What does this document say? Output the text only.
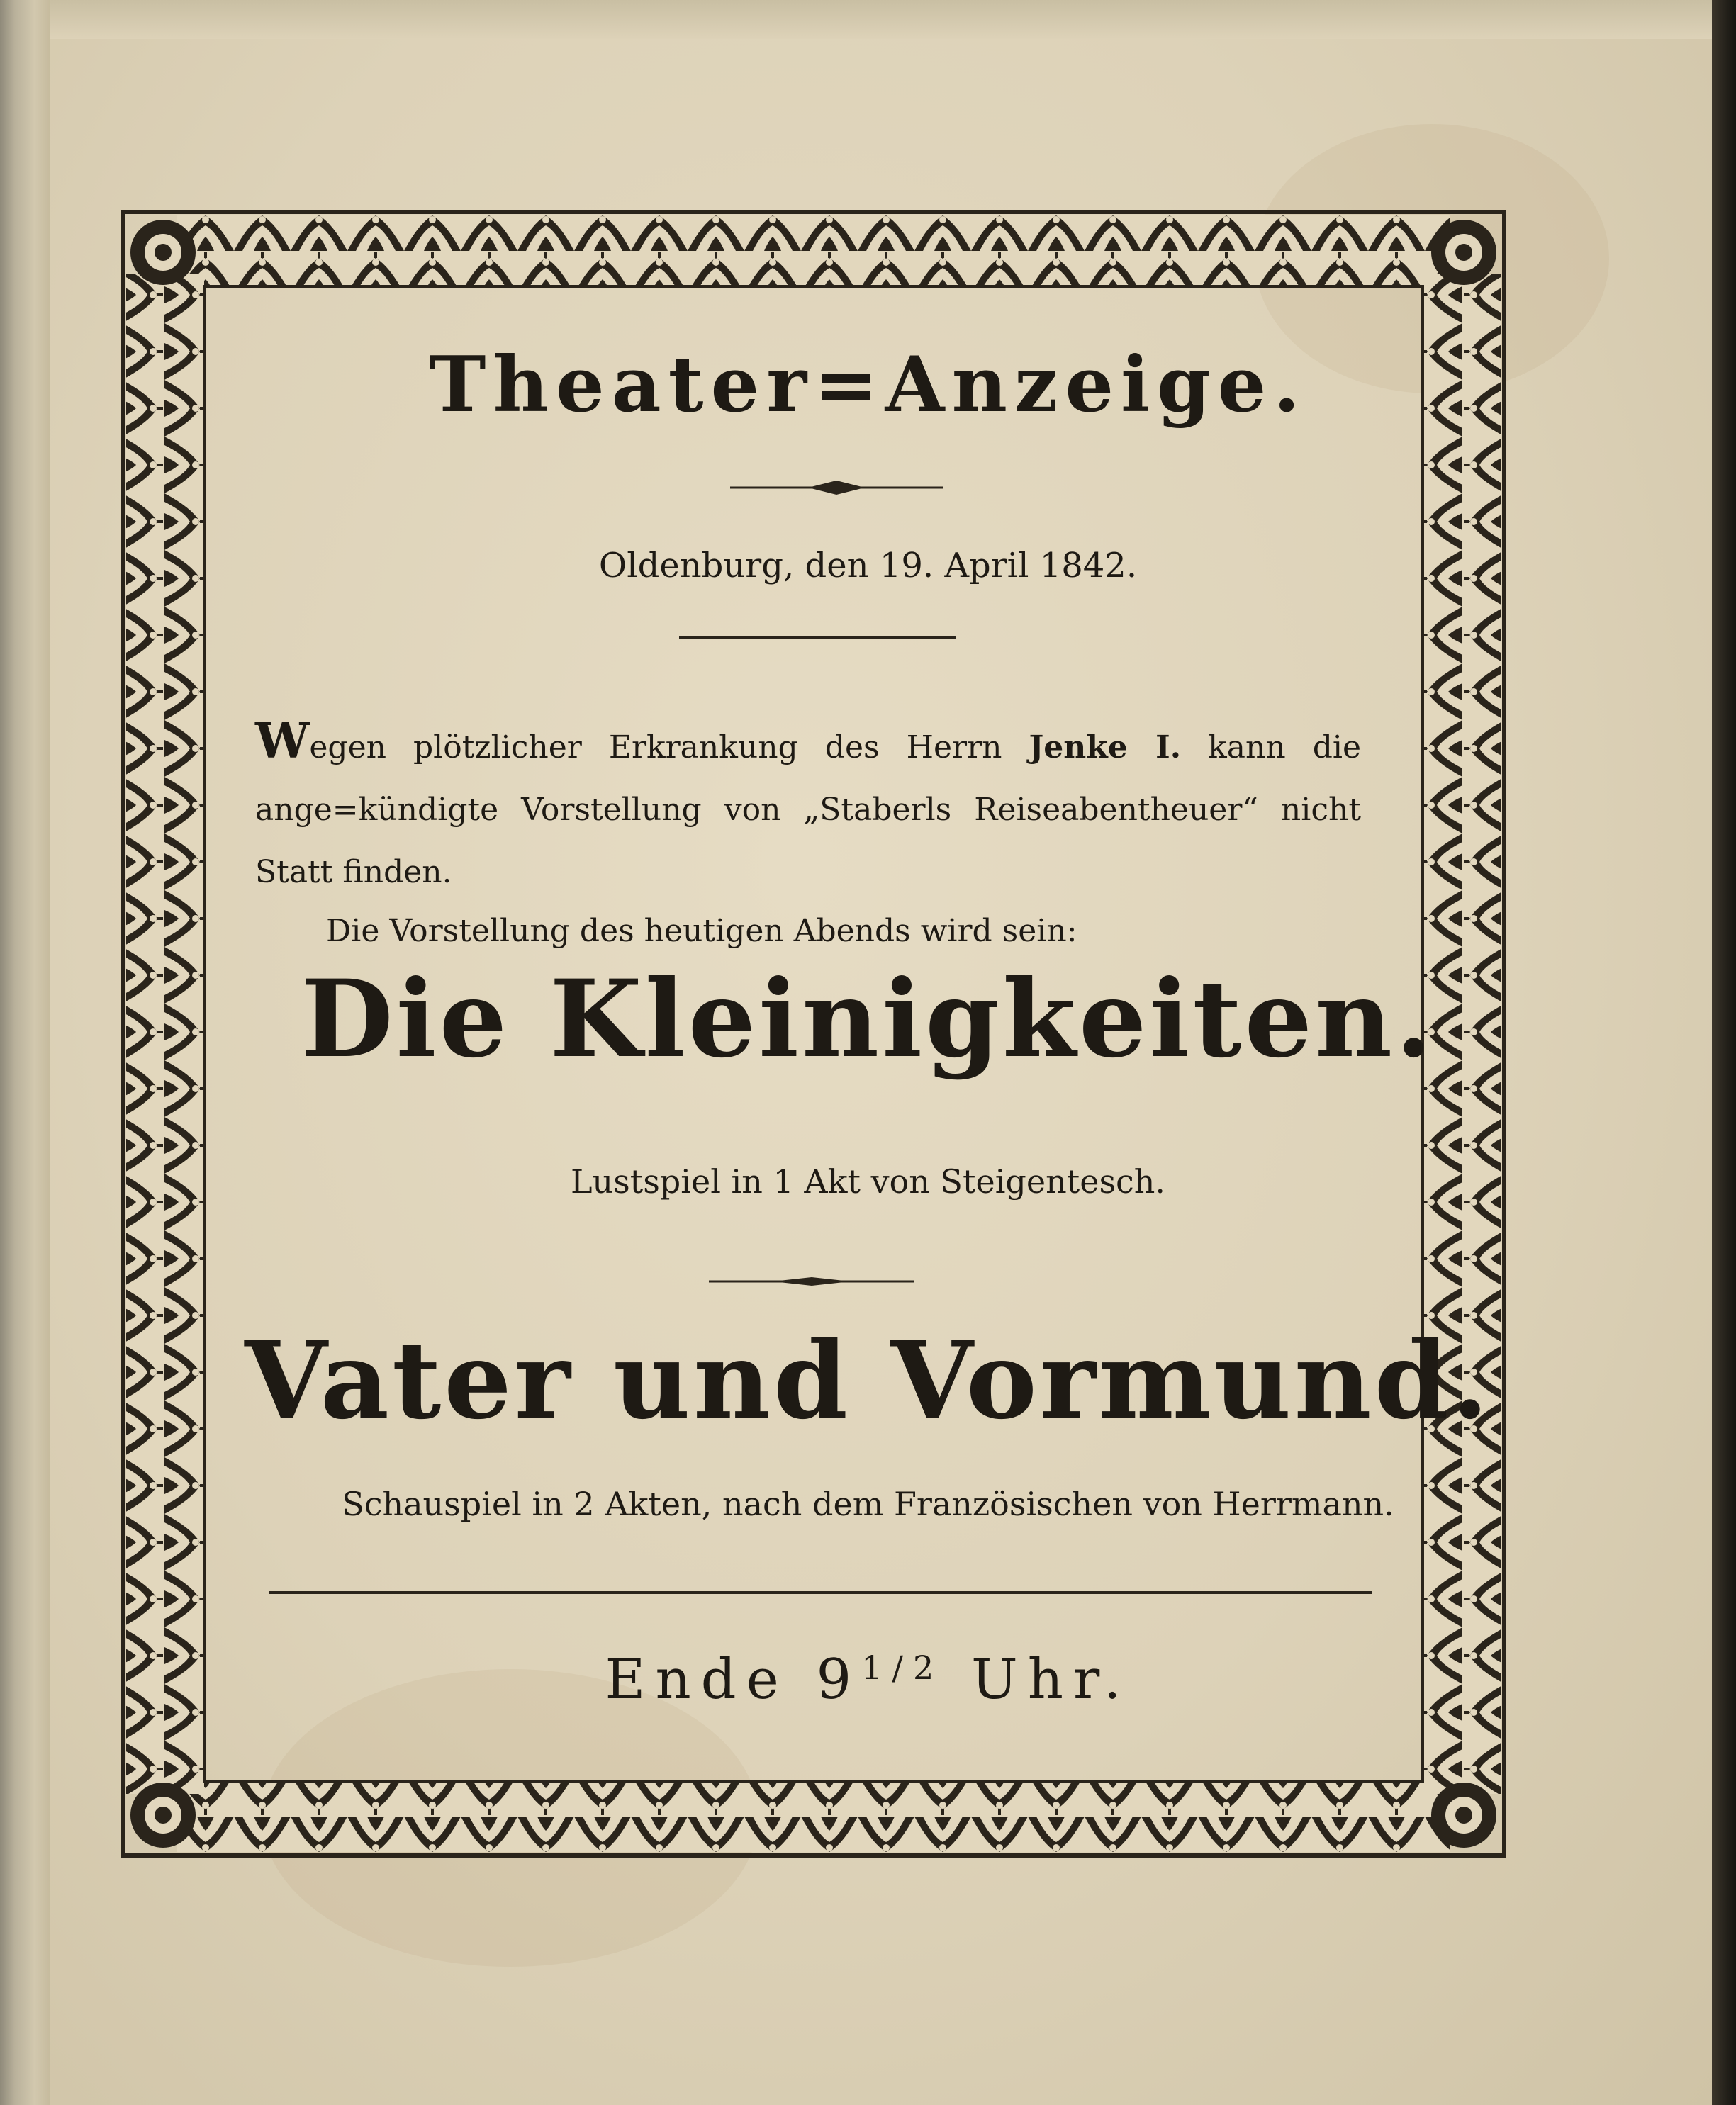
Theater=Anzeige.
Oldenburg, den 19. April 1842.
Wegen plötzlicher Erkrankung des Herrn Jenke I. kann die ange=kündigte Vorstellung von „Staberls Reiseabentheuer“ nicht Statt finden.
Die Vorstellung des heutigen Abends wird sein:
Die Kleinigkeiten.
Lustspiel in 1 Akt von Steigentesch.
Vater und Vormund.
Schauspiel in 2 Akten, nach dem Französischen von Herrmann.
Ende $9^{1/2}$ Uhr.
